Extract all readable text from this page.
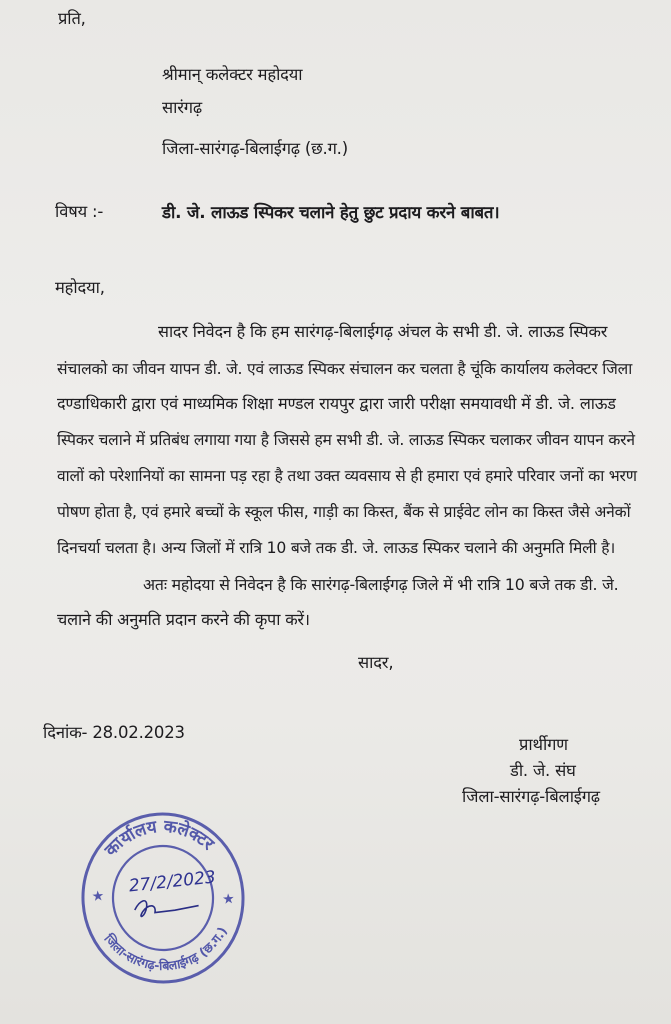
प्रति,
श्रीमान् कलेक्टर महोदया
सारंगढ़
जिला-सारंगढ़-बिलाईगढ़ (छ.ग.)
विषय :-	डी. जे. लाऊड स्पिकर चलाने हेतु छुट प्रदाय करने बाबत।
महोदया,
सादर निवेदन है कि हम सारंगढ़-बिलाईगढ़ अंचल के सभी डी. जे. लाऊड स्पिकर
संचालको का जीवन यापन डी. जे. एवं लाऊड स्पिकर संचालन कर चलता है चूंकि कार्यालय कलेक्टर जिला
दण्डाधिकारी द्वारा एवं माध्यमिक शिक्षा मण्डल रायपुर द्वारा जारी परीक्षा समयावधी में डी. जे. लाऊड
स्पिकर चलाने में प्रतिबंध लगाया गया है जिससे हम सभी डी. जे. लाऊड स्पिकर चलाकर जीवन यापन करने
वालों को परेशानियों का सामना पड़ रहा है तथा उक्त व्यवसाय से ही हमारा एवं हमारे परिवार जनों का भरण
पोषण होता है, एवं हमारे बच्चों के स्कूल फीस, गाड़ी का किस्त, बैंक से प्राईवेट लोन का किस्त जैसे अनेकों
दिनचर्या चलता है। अन्य जिलों में रात्रि 10 बजे तक डी. जे. लाऊड स्पिकर चलाने की अनुमति मिली है।
अतः महोदया से निवेदन है कि सारंगढ़-बिलाईगढ़ जिले में भी रात्रि 10 बजे तक डी. जे.
चलाने की अनुमति प्रदान करने की कृपा करें।
सादर,
दिनांक- 28.02.2023
प्रार्थीगण
डी. जे. संघ
जिला-सारंगढ़-बिलाईगढ़
कार्यालय कलेक्टर
जिला-सारंगढ़-बिलाईगढ़ (छ.ग.)
★	★
27/2/2023
